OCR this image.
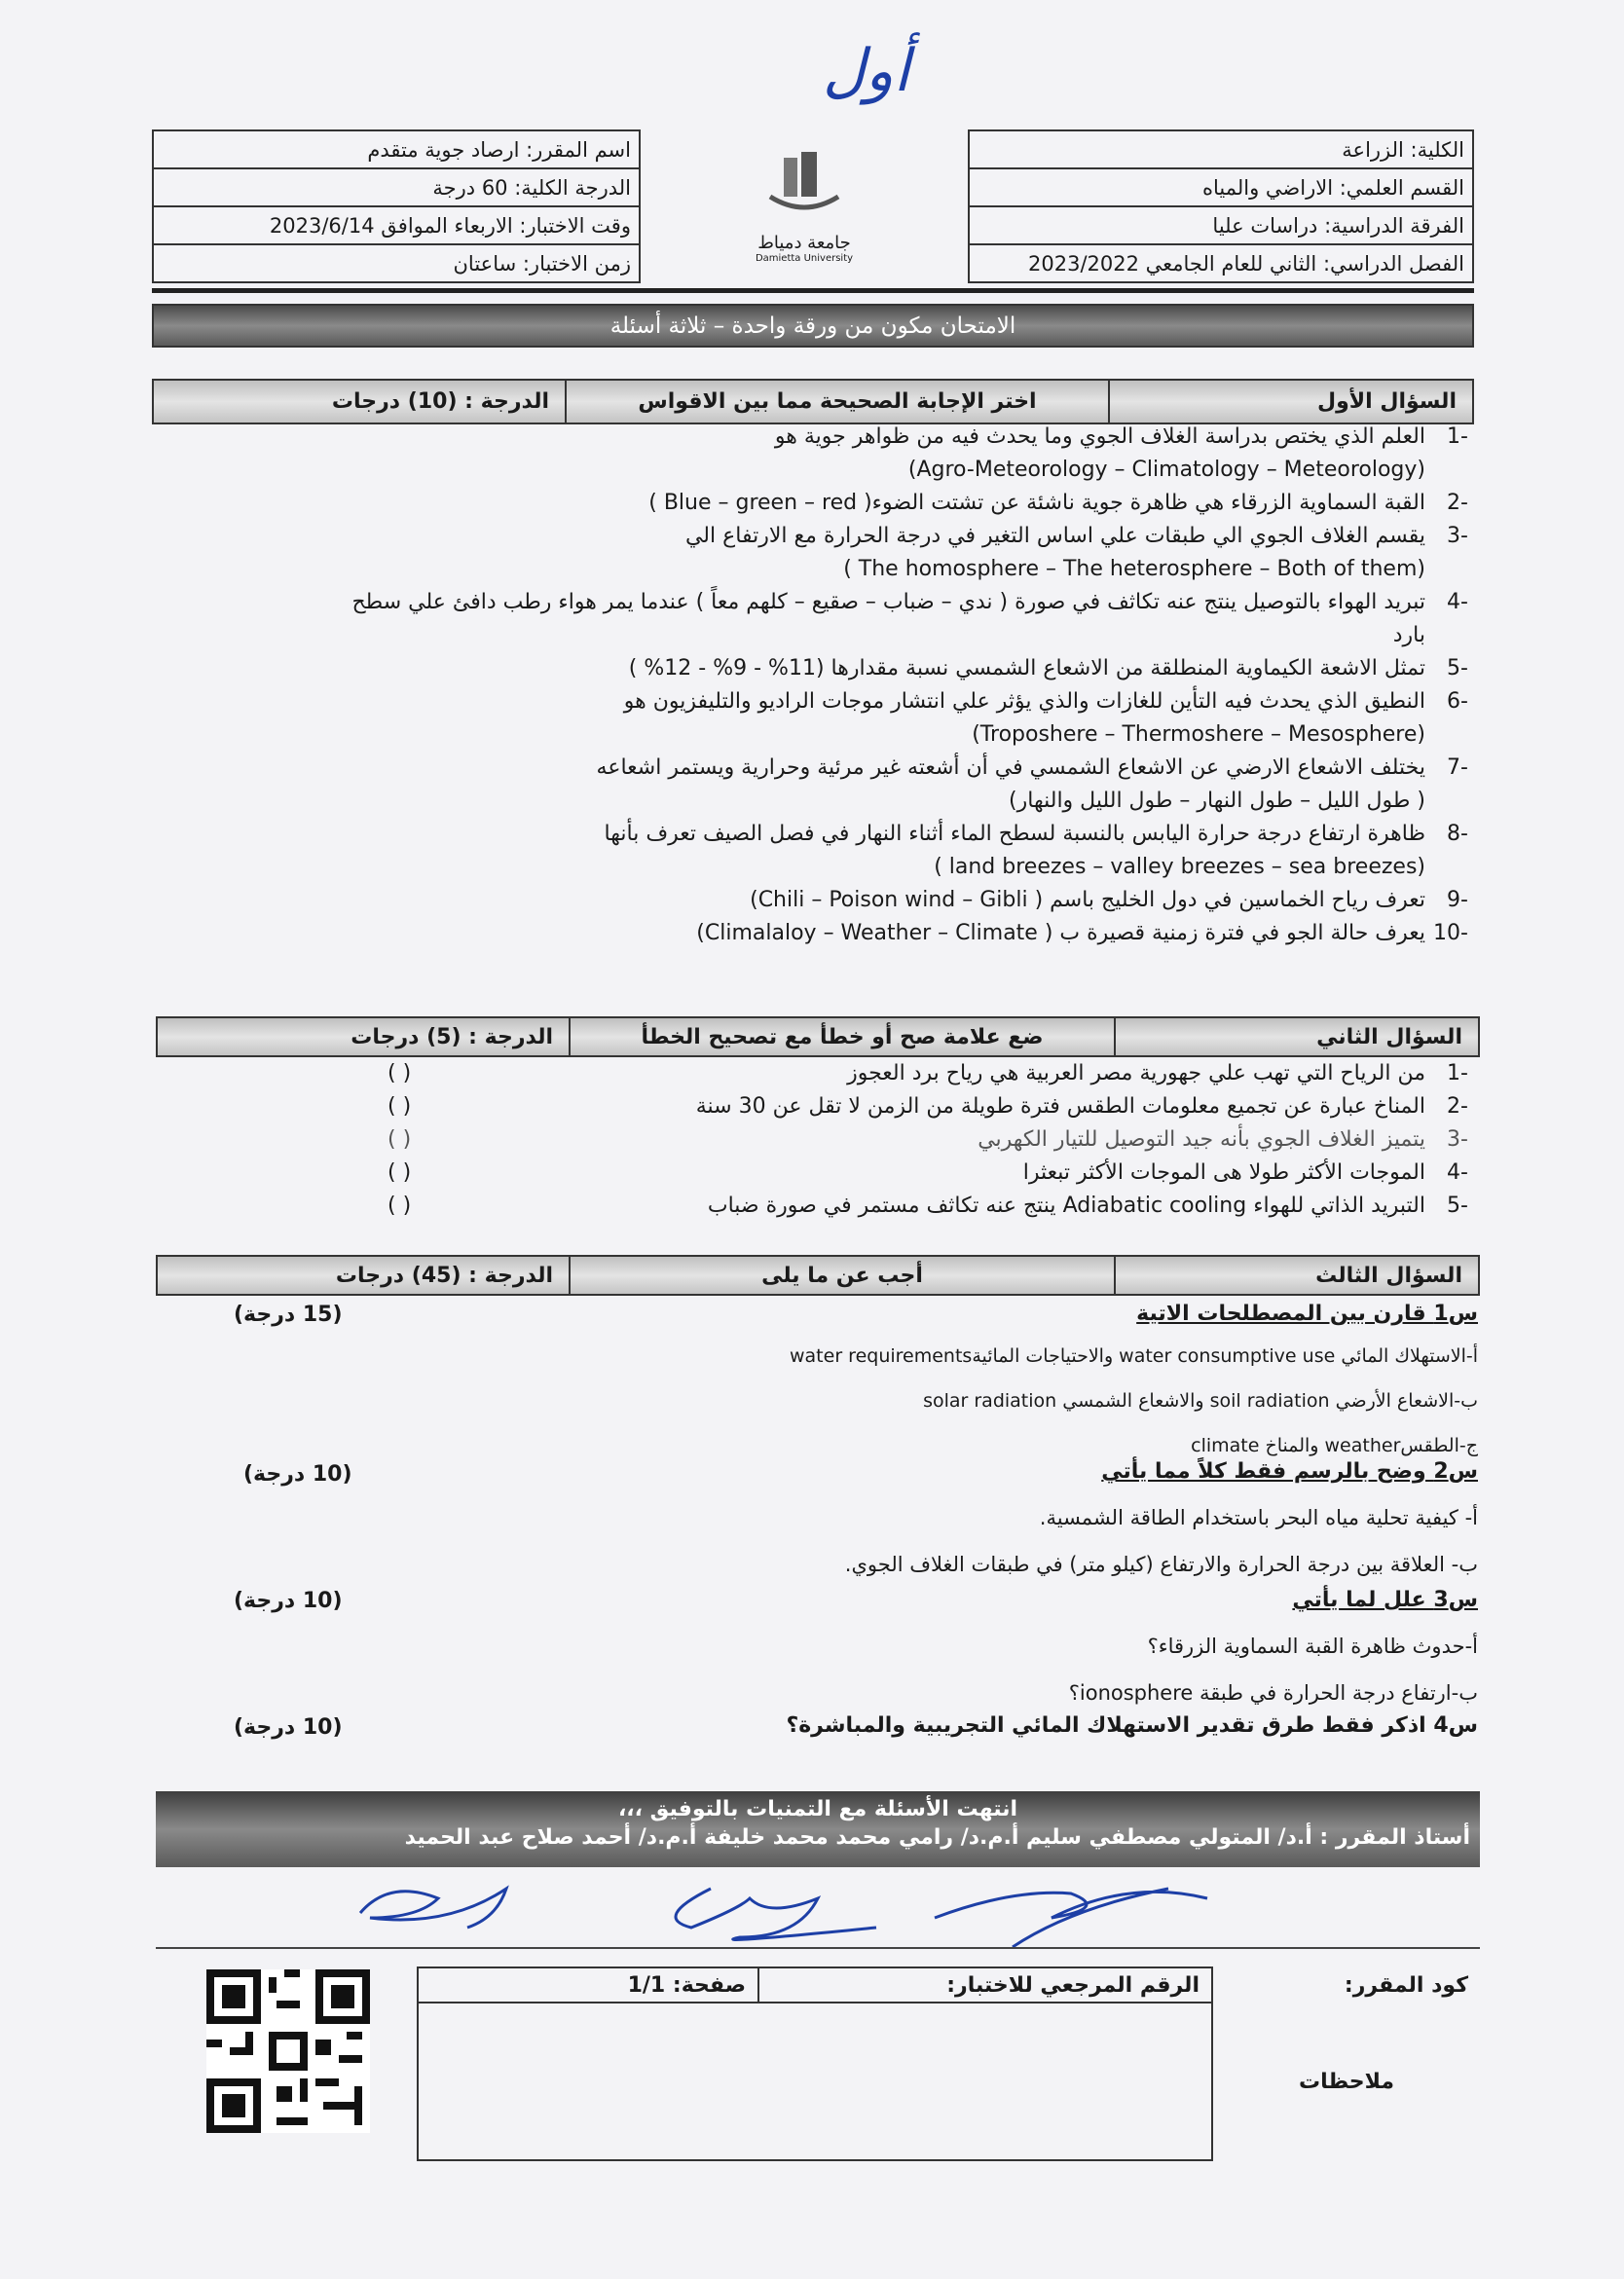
أول
الكلية: الزراعة	جامعة دمياط
Damietta University	اسم المقرر: ارصاد جوية متقدم
القسم العلمي: الاراضي والمياه		الدرجة الكلية: 60 درجة
الفرقة الدراسية: دراسات عليا		وقت الاختبار: الاربعاء الموافق 2023/6/14
الفصل الدراسي: الثاني للعام الجامعي 2023/2022		زمن الاختبار: ساعتان
الامتحان مكون من ورقة واحدة – ثلاثة أسئلة
السؤال الأول	اختر الإجابة الصحيحة مما بين الاقواس	الدرجة : (10) درجات
-1العلم الذي يختص بدراسة الغلاف الجوي وما يحدث فيه من ظواهر جوية هو
(Agro-Meteorology – Climatology – Meteorology)
-2القبة السماوية الزرقاء هي ظاهرة جوية ناشئة عن تشتت الضوء( Blue – green – red )
-3يقسم الغلاف الجوي الي طبقات علي اساس التغير في درجة الحرارة مع الارتفاع الي
(The homosphere – The heterosphere – Both of them )
-4تبريد الهواء بالتوصيل ينتج عنه تكاثف في صورة ( ندي – ضباب – صقيع – كلهم معاً ) عندما يمر هواء رطب دافئ علي سطح
بارد
-5تمثل الاشعة الكيماوية المنطلقة من الاشعاع الشمسي نسبة مقدارها (11% - 9% - 12% )
-6النطيق الذي يحدث فيه التأين للغازات والذي يؤثر علي انتشار موجات الراديو والتليفزيون هو
(Troposhere – Thermoshere – Mesosphere)
-7يختلف الاشعاع الارضي عن الاشعاع الشمسي في أن أشعته غير مرئية وحرارية ويستمر اشعاعه
( طول الليل – طول النهار – طول الليل والنهار)
-8ظاهرة ارتفاع درجة حرارة اليابس بالنسبة لسطح الماء أثناء النهار في فصل الصيف تعرف بأنها
(land breezes – valley breezes – sea breezes )
-9تعرف رياح الخماسين في دول الخليج باسم ( Chili – Poison wind – Gibli)
-10يعرف حالة الجو في فترة زمنية قصيرة ب ( Climalaloy – Weather – Climate)
السؤال الثاني	ضع علامة صح أو خطأ مع تصحيح الخطأ	الدرجة : (5) درجات
-1من الرياح التي تهب علي جهورية مصر العربية هي رياح برد العجوز
( )
-2المناخ عبارة عن تجميع معلومات الطقس فترة طويلة من الزمن لا تقل عن 30 سنة
( )
-3يتميز الغلاف الجوي بأنه جيد التوصيل للتيار الكهربي
( )
-4الموجات الأكثر طولا هى الموجات الأكثر تبعثرا
( )
-5التبريد الذاتي للهواء Adiabatic cooling ينتج عنه تكاثف مستمر في صورة ضباب
( )
السؤال الثالث	أجب عن ما يلى	الدرجة : (45) درجات
س1 قارن بين المصطلحات الاتية
(15 درجة)
أ-الاستهلاك المائي water consumptive use والاحتياجات المائيةwater requirements
ب-الاشعاع الأرضي soil radiation والاشعاع الشمسي solar radiation
ج-الطقسweather والمناخ climate
س2 وضح بالرسم فقط كلاً مما يأتي
(10 درجة)
أ- كيفية تحلية مياه البحر باستخدام الطاقة الشمسية.
ب- العلاقة بين درجة الحرارة والارتفاع (كيلو متر) في طبقات الغلاف الجوي.
س3 علل لما يأتي
(10 درجة)
أ-حدوث ظاهرة القبة السماوية الزرقاء؟
ب-ارتفاع درجة الحرارة في طبقة ionosphere؟
س4 اذكر فقط طرق تقدير الاستهلاك المائي التجريبية والمباشرة؟
(10 درجة)
انتهت الأسئلة مع التمنيات بالتوفيق ،،،
أستاذ المقرر : أ.د/ المتولي مصطفي سليم أ.م.د/ رامي محمد محمد خليفة أ.م.د/ أحمد صلاح عبد الحميد
كود المقرر:	الرقم المرجعي للاختبار:	صفحة: 1/1
ملاحظات		
